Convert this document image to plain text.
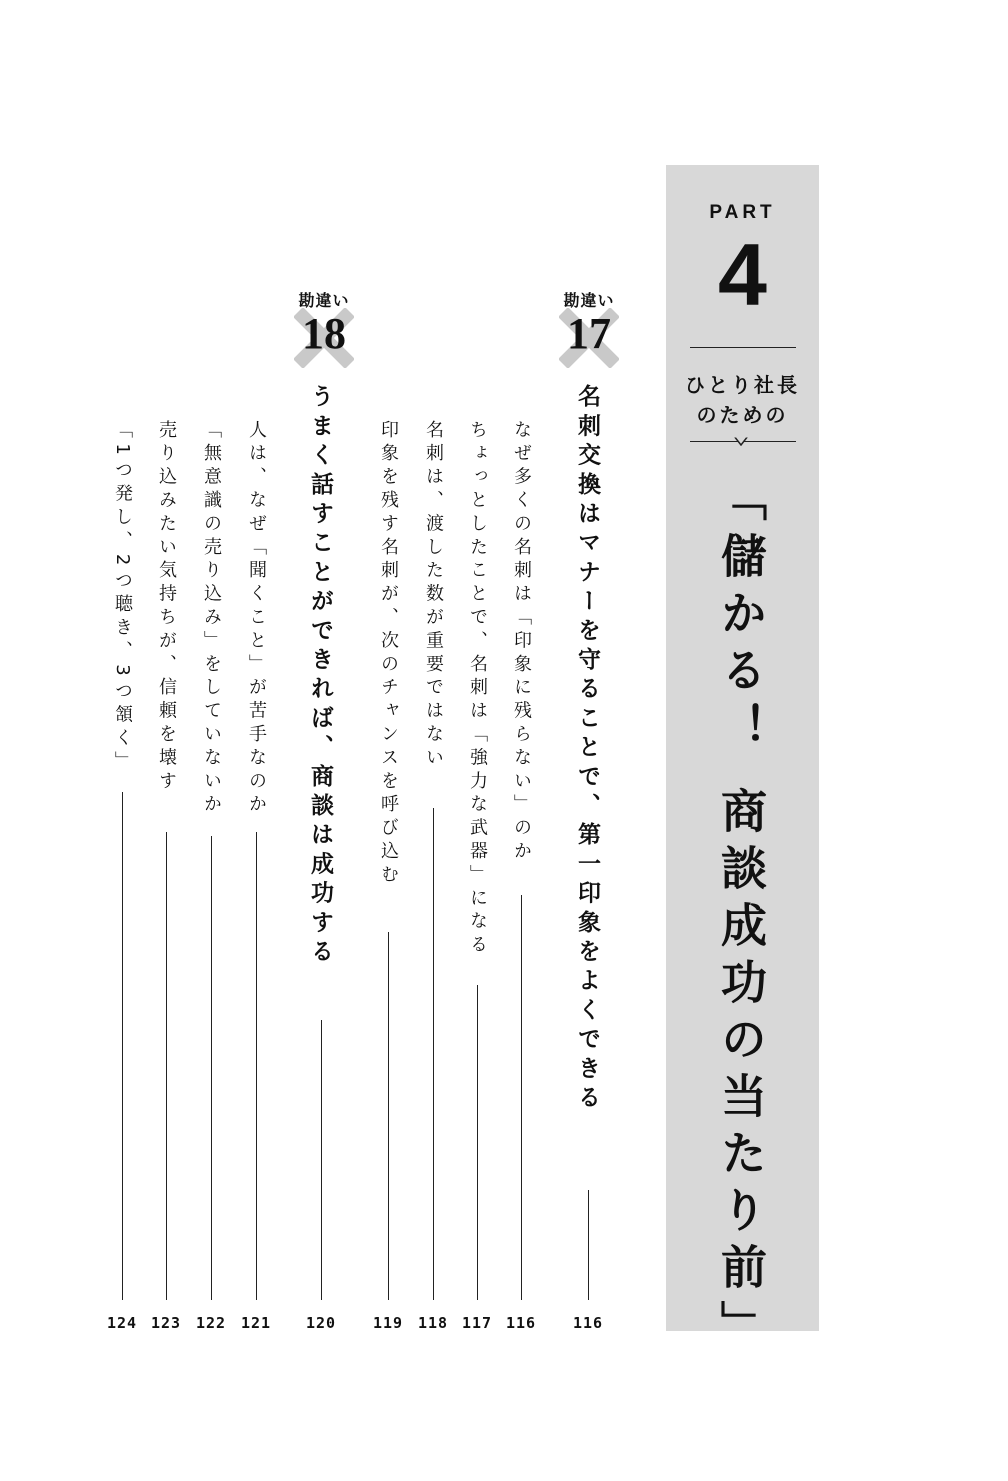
PART
4
ひとり社長
のための
「儲かる！ 商談成功の当たり前」
勘違い
17
名刺交換はマナーを守ることで、第一印象をよくできる
116
なぜ多くの名刺は「印象に残らない」のか
116
ちょっとしたことで、名刺は「強力な武器」になる
117
名刺は、渡した数が重要ではない
118
印象を残す名刺が、次のチャンスを呼び込む
119
勘違い
18
うまく話すことができれば、商談は成功する
120
人は、なぜ「聞くこと」が苦手なのか
121
「無意識の売り込み」をしていないか
122
売り込みたい気持ちが、信頼を壊す
123
「1つ発し、2つ聴き、3つ頷く」
124
